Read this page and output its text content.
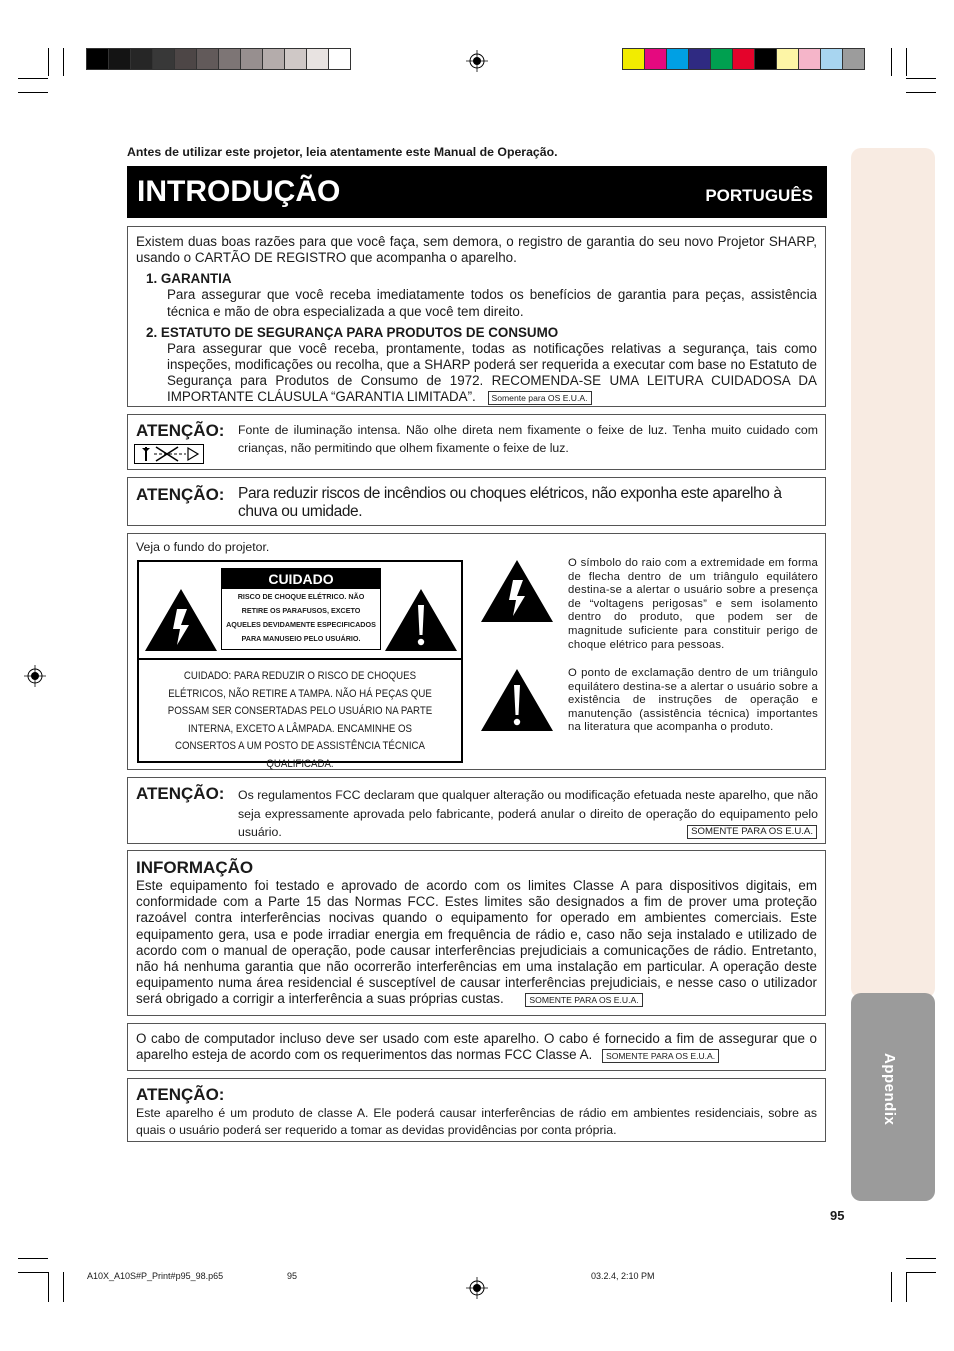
Appendix
Antes de utilizar este projetor, leia atentamente este Manual de Operação.
INTRODUÇÃO	PORTUGUÊS

Existem duas boas razões para que você faça, sem demora, o registro de garantia do seu novo Projetor SHARP, usando o CARTÃO DE REGISTRO que acompanha o aparelho.

1. GARANTIA

Para assegurar que você receba imediatamente todos os benefícios de garantia para peças, assistência técnica e mão de obra especializada a que você tem direito.

2. ESTATUTO DE SEGURANÇA PARA PRODUTOS DE CONSUMO

Para assegurar que você receba, prontamente, todas as notificações relativas a segurança, tais como inspeções, modificações ou recolha, que a SHARP poderá ser requerida a executar com base no Estatuto de Segurança para Produtos de Consumo de 1972. RECOMENDA-SE UMA LEITURA CUIDADOSA DA IMPORTANTE CLÁUSULA “GARANTIA LIMITADA”. Somente para OS E.U.A.

ATENÇÃO: Fonte de iluminação intensa. Não olhe direta nem fixamente o feixe de luz. Tenha muito cuidado com crianças, não permitindo que olhem fixamente o feixe de luz.
ATENÇÃO: Para reduzir riscos de incêndios ou choques elétricos, não exponha este aparelho à chuva ou umidade.
Veja o fundo do projetor.
CUIDADO
RISCO DE CHOQUE ELÉTRICO. NÃO RETIRE OS PARAFUSOS, EXCETO AQUELES DEVIDAMENTE ESPECIFICADOS PARA MANUSEIO PELO USUÁRIO.
CUIDADO: PARA REDUZIR O RISCO DE CHOQUES ELÉTRICOS, NÃO RETIRE A TAMPA. NÃO HÁ PEÇAS QUE POSSAM SER CONSERTADAS PELO USUÁRIO NA PARTE INTERNA, EXCETO A LÂMPADA. ENCAMINHE OS CONSERTOS A UM POSTO DE ASSISTÊNCIA TÉCNICA QUALIFICADA.
O símbolo do raio com a extremidade em forma de flecha dentro de um triângulo equilátero destina-se a alertar o usuário sobre a presença de “voltagens perigosas” e sem isolamento dentro do produto, que podem ser de magnitude suficiente para constituir perigo de choque elétrico para pessoas.
O ponto de exclamação dentro de um triângulo equilátero destina-se a alertar o usuário sobre a existência de instruções de operação e manutenção (assistência técnica) importantes na literatura que acompanha o produto.
ATENÇÃO: Os regulamentos FCC declaram que qualquer alteração ou modificação efetuada neste aparelho, que não seja expressamente aprovada pelo fabricante, poderá anular o direito de operação do equipamento pelo usuário.	SOMENTE PARA OS E.U.A.
INFORMAÇÃO

Este equipamento foi testado e aprovado de acordo com os limites Classe A para dispositivos digitais, em conformidade com a Parte 15 das Normas FCC. Estes limites são designados a fim de prover uma proteção razoável contra interferências nocivas quando o equipamento for operado em ambientes comerciais. Este equipamento gera, usa e pode irradiar energia em frequência de rádio e, caso não seja instalado e utilizado de acordo com o manual de operação, pode causar interferências prejudiciais a comunicações de rádio. Entretanto, não há nenhuma garantia que não ocorrerão interferências em uma instalação em particular. A operação deste equipamento numa área residencial é susceptível de causar interferências prejudiciais, e nesse caso o utilizador será obrigado a corrigir a interferência a suas próprias custas.	SOMENTE PARA OS E.U.A.

O cabo de computador incluso deve ser usado com este aparelho. O cabo é fornecido a fim de assegurar que o aparelho esteja de acordo com os requerimentos das normas FCC Classe A. SOMENTE PARA OS E.U.A.

ATENÇÃO:

Este aparelho é um produto de classe A. Ele poderá causar interferências de rádio em ambientes residenciais, sobre as quais o usuário poderá ser requerido a tomar as devidas providências por conta própria.

95
A10X_A10S#P_Print#p95_98.p65	95	03.2.4, 2:10 PM
